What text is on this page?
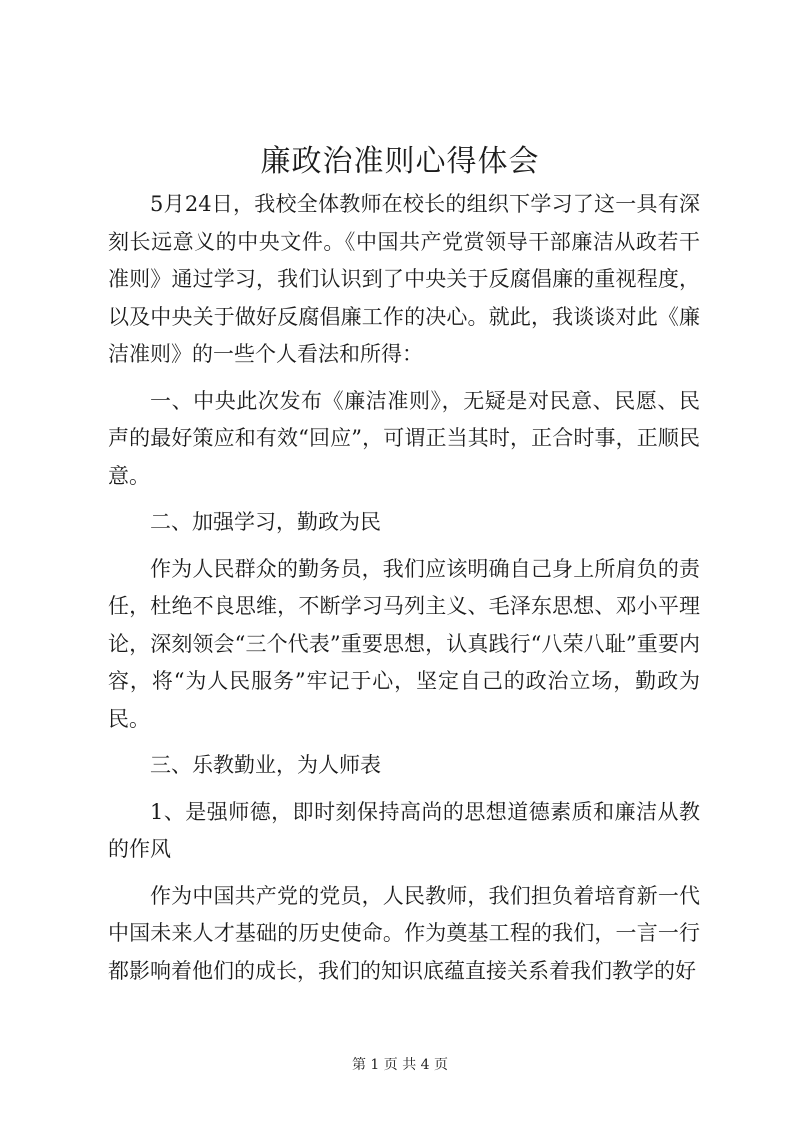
廉政治准则心得体会

5月24日，我校全体教师在校长的组织下学习了这一具有深刻长远意义的中央文件。《中国共产党赏领导干部廉洁从政若干准则》通过学习，我们认识到了中央关于反腐倡廉的重视程度，以及中央关于做好反腐倡廉工作的决心。就此，我谈谈对此《廉洁准则》的一些个人看法和所得：

一、中央此次发布《廉洁准则》，无疑是对民意、民愿、民声的最好策应和有效“回应”，可谓正当其时，正合时事，正顺民意。

二、加强学习，勤政为民

作为人民群众的勤务员，我们应该明确自己身上所肩负的责任，杜绝不良思维，不断学习马列主义、毛泽东思想、邓小平理论，深刻领会“三个代表”重要思想，认真践行“八荣八耻”重要内容，将“为人民服务”牢记于心，坚定自己的政治立场，勤政为民。

三、乐教勤业，为人师表

1、是强师德，即时刻保持高尚的思想道德素质和廉洁从教的作风

作为中国共产党的党员，人民教师，我们担负着培育新一代中国未来人才基础的历史使命。作为奠基工程的我们，一言一行都影响着他们的成长，我们的知识底蕴直接关系着我们教学的好

第 1 页 共 4 页
